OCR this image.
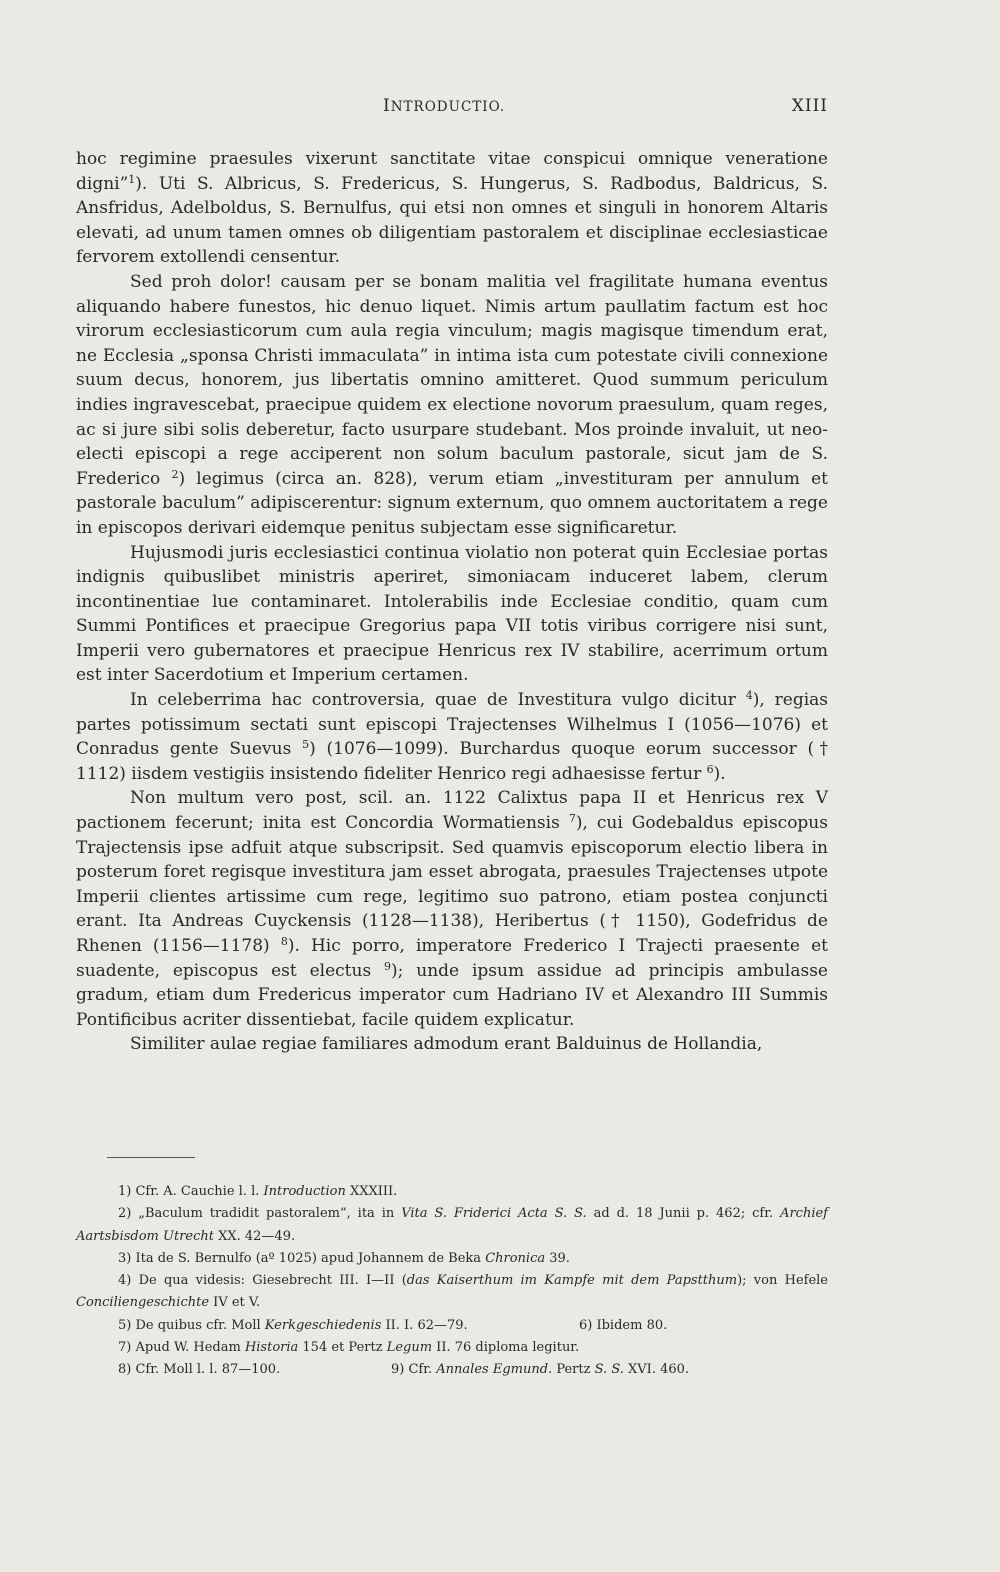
INTRODUCTIO.	XIII

hoc regimine praesules vixerunt sanctitate vitae conspicui omnique veneratione digni”$^1$). Uti S. Albricus, S. Fredericus, S. Hungerus, S. Radbodus, Baldricus, S. Ansfridus, Adelboldus, S. Bernulfus, qui etsi non omnes et singuli in honorem Altaris elevati, ad unum tamen omnes ob diligentiam pastoralem et disciplinae ecclesiasticae fervorem extollendi censentur.

Sed proh dolor! causam per se bonam malitia vel fragilitate humana eventus aliquando habere funestos, hic denuo liquet. Nimis artum paullatim factum est hoc virorum ecclesiasticorum cum aula regia vinculum; magis magisque timendum erat, ne Ecclesia „sponsa Christi immaculata” in intima ista cum potestate civili connexione suum decus, honorem, jus libertatis omnino amitteret. Quod summum periculum indies ingravescebat, praecipue quidem ex electione novorum praesulum, quam reges, ac si jure sibi solis deberetur, facto usurpare studebant. Mos proinde invaluit, ut neo-electi episcopi a rege acciperent non solum baculum pastorale, sicut jam de S. Frederico $^2$) legimus (circa an. 828), verum etiam „investituram per annulum et pastorale baculum” adipiscerentur: signum externum, quo omnem auctoritatem a rege in episcopos derivari eidemque penitus subjectam esse significaretur.

Hujusmodi juris ecclesiastici continua violatio non poterat quin Ecclesiae portas indignis quibuslibet ministris aperiret, simoniacam induceret labem, clerum incontinentiae lue contaminaret. Intolerabilis inde Ecclesiae conditio, quam cum Summi Pontifices et praecipue Gregorius papa VII totis viribus corrigere nisi sunt, Imperii vero gubernatores et praecipue Henricus rex IV stabilire, acerrimum ortum est inter Sacerdotium et Imperium certamen.

In celeberrima hac controversia, quae de Investitura vulgo dicitur $^4$), regias partes potissimum sectati sunt episcopi Trajectenses Wilhelmus I (1056—1076) et Conradus gente Suevus $^5$) (1076—1099). Burchardus quoque eorum successor († 1112) iisdem vestigiis insistendo fideliter Henrico regi adhaesisse fertur $^6$).

Non multum vero post, scil. an. 1122 Calixtus papa II et Henricus rex V pactionem fecerunt; inita est Concordia Wormatiensis $^7$), cui Godebaldus episcopus Trajectensis ipse adfuit atque subscripsit. Sed quamvis episcoporum electio libera in posterum foret regisque investitura jam esset abrogata, praesules Trajectenses utpote Imperii clientes artissime cum rege, legitimo suo patrono, etiam postea conjuncti erant. Ita Andreas Cuyckensis (1128—1138), Heribertus († 1150), Godefridus de Rhenen (1156—1178) $^8$). Hic porro, imperatore Frederico I Trajecti praesente et suadente, episcopus est electus $^9$); unde ipsum assidue ad principis ambulasse gradum, etiam dum Fredericus imperator cum Hadriano IV et Alexandro III Summis Pontificibus acriter dissentiebat, facile quidem explicatur.

Similiter aulae regiae familiares admodum erant Balduinus de Hollandia,

1) Cfr. A. Cauchie l. l. Introduction XXXIII.
2) „Baculum tradidit pastoralem”, ita in Vita S. Friderici Acta S. S. ad d. 18 Junii p. 462; cfr. Archief Aartsbisdom Utrecht XX. 42—49.
3) Ita de S. Bernulfo (aº 1025) apud Johannem de Beka Chronica 39.
4) De qua videsis: Giesebrecht III. I—II (das Kaiserthum im Kampfe mit dem Papstthum); von Hefele Conciliengeschichte IV et V.
5) De quibus cfr. Moll Kerkgeschiedenis II. I. 62—79.	6) Ibidem 80.
7) Apud W. Hedam Historia 154 et Pertz Legum II. 76 diploma legitur.
8) Cfr. Moll l. l. 87—100.	9) Cfr. Annales Egmund. Pertz S. S. XVI. 460.
